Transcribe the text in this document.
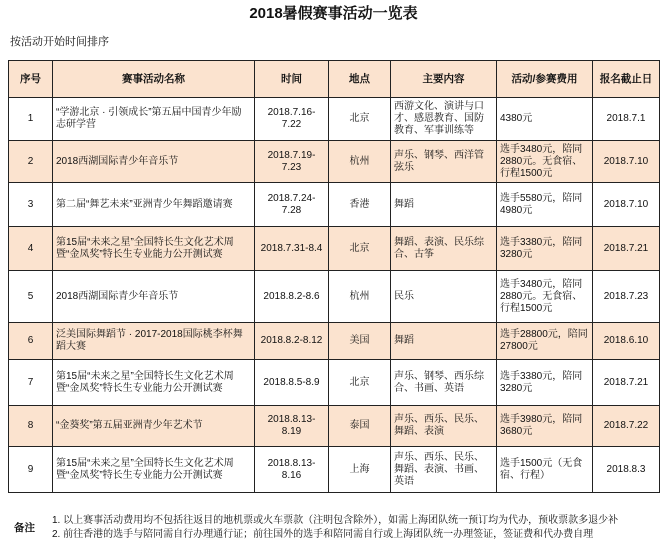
2018暑假赛事活动一览表
按活动开始时间排序
序号	赛事活动名称	时间	地点	主要内容	活动/参赛费用	报名截止日
1	“学游北京 · 引领成长”第五届中国青少年励志研学营	2018.7.16-7.22	北京	西游文化、演讲与口才、感恩教育、国防教育、军事训练等	4380元	2018.7.1
2	2018西湖国际青少年音乐节	2018.7.19-7.23	杭州	声乐、钢琴、西洋管弦乐	选手3480元，陪同2880元。无食宿、行程1500元	2018.7.10
3	第二届“舞艺未来”亚洲青少年舞蹈邀请赛	2018.7.24-7.28	香港	舞蹈	选手5580元，陪同4980元	2018.7.10
4	第15届“未来之星”全国特长生文化艺术周暨“金凤奖”特长生专业能力公开测试赛	2018.7.31-8.4	北京	舞蹈、表演、民乐综合、古筝	选手3380元，陪同3280元	2018.7.21
5	2018西湖国际青少年音乐节	2018.8.2-8.6	杭州	民乐	选手3480元，陪同2880元。无食宿、行程1500元	2018.7.23
6	泛美国际舞蹈节 · 2017-2018国际桃李杯舞蹈大赛	2018.8.2-8.12	美国	舞蹈	选手28800元，陪同27800元	2018.6.10
7	第15届“未来之星”全国特长生文化艺术周暨“金凤奖”特长生专业能力公开测试赛	2018.8.5-8.9	北京	声乐、钢琴、西乐综合、书画、英语	选手3380元，陪同3280元	2018.7.21
8	“金葵奖”第五届亚洲青少年艺术节	2018.8.13-8.19	泰国	声乐、西乐、民乐、舞蹈、表演	选手3980元，陪同3680元	2018.7.22
9	第15届“未来之星”全国特长生文化艺术周暨“金凤奖”特长生专业能力公开测试赛	2018.8.13-8.16	上海	声乐、西乐、民乐、舞蹈、表演、书画、英语	选手1500元（无食宿、行程）	2018.8.3
备注
1. 以上赛事活动费用均不包括往返目的地机票或火车票款（注明包含除外），如需上海团队统一预订均为代办，预收票款多退少补
2. 前往香港的选手与陪同需自行办理通行证；前往国外的选手和陪同需自行或上海团队统一办理签证，签证费和代办费自理
